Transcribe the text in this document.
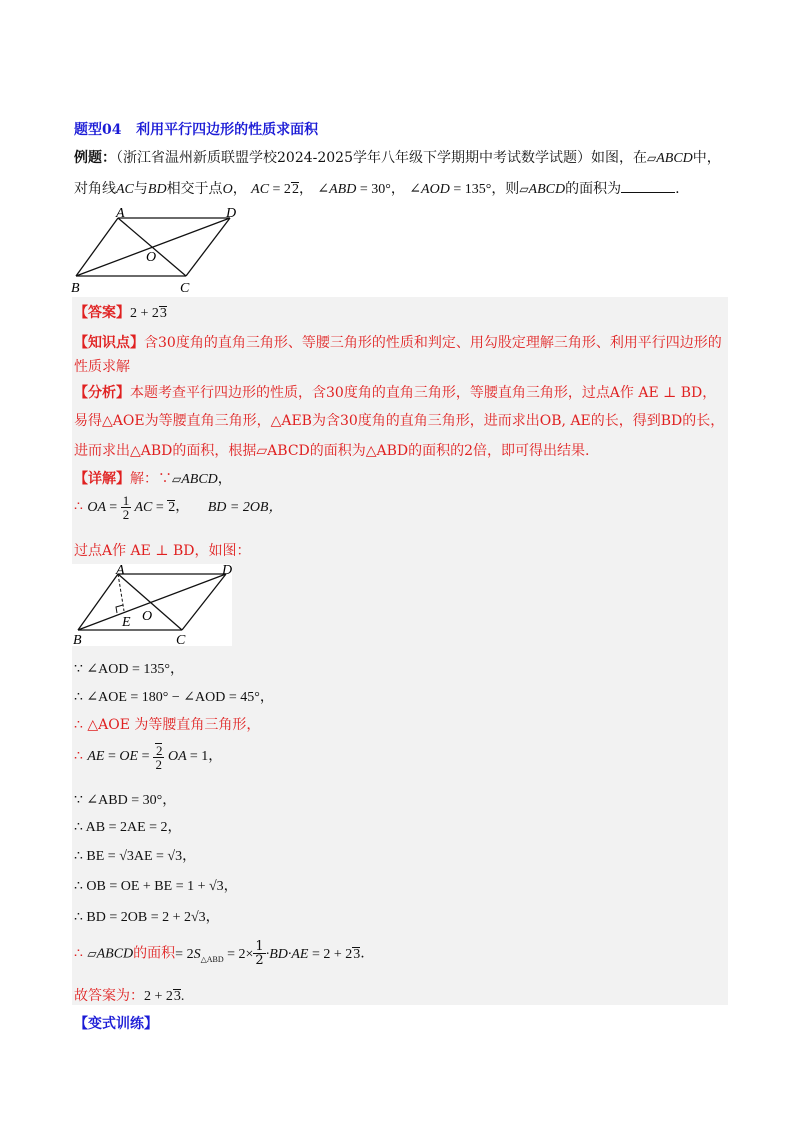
题型04 利用平行四边形的性质求面积
例题：（浙江省温州新质联盟学校2024-2025学年八年级下学期期中考试数学试题）如图，在▱ABCD中，
对角线AC与BD相交于点O， AC = 22， ∠ABD = 30°， ∠AOD = 135°，则▱ABCD的面积为	.
A	D
O
B	C
【答案】2 + 23
【知识点】含30度角的直角三角形、等腰三角形的性质和判定、用勾股定理解三角形、利用平行四边形的
性质求解
【分析】本题考查平行四边形的性质，含30度角的直角三角形，等腰直角三角形，过点A作 AE ⊥ BD，
易得△AOE为等腰直角三角形，△AEB为含30度角的直角三角形，进而求出OB, AE的长，得到BD的长，
进而求出△ABD的面积，根据▱ABCD的面积为△ABD的面积的2倍，即可得出结果.
【详解】解：∵▱ABCD，
∴ OA = $\frac{1}{2}$ AC = 2， BD = 2OB，
过点A作 AE ⊥ BD，如图：
A	D
E O
B	C
∵ ∠AOD = 135°，
∴ ∠AOE = 180° − ∠AOD = 45°，
∴ △AOE 为等腰直角三角形，
∴ AE = OE = $\frac{2}{2}$ OA = 1，
∵ ∠ABD = 30°，
∴ AB = 2AE = 2，
∴ BE = √3AE = √3，
∴ OB = OE + BE = 1 + √3，
∴ BD = 2OB = 2 + 2√3，
∴ ▱ABCD的面积= $2S_{\triangle ABD} = 2\times \frac{1}{2} \cdot BD\cdot AE = 2 + 23$.
故答案为：2 + 23.
【变式训练】
